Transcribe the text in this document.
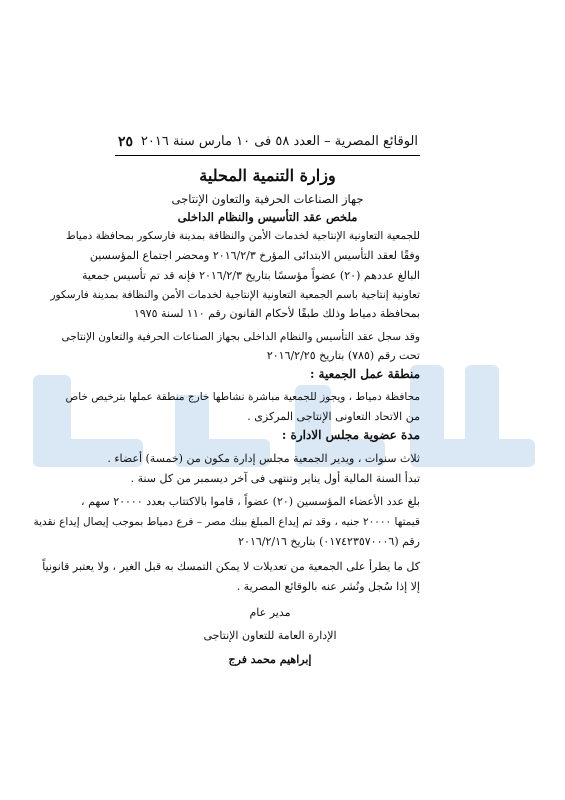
الوقائع المصرية – العدد ٥٨ فى ١٠ مارس سنة ٢٠١٦
٢٥
وزارة التنمية المحلية
جهاز الصناعات الحرفية والتعاون الإنتاجى
ملخص عقد التأسيس والنظام الداخلى
للجمعية التعاونية الإنتاجية لخدمات الأمن والنظافة بمدينة فارسكور بمحافظة دمياط
وفقًا لعقد التأسيس الابتدائى المؤرخ ٢٠١٦/٢/٣ ومحضر اجتماع المؤسسين
البالغ عددهم (٢٠) عضواً مؤسسًا بتاريخ ٢٠١٦/٢/٣ فإنه قد تم تأسيس جمعية
تعاونية إنتاجية باسم الجمعية التعاونية الإنتاجية لخدمات الأمن والنظافة بمدينة فارسكور
بمحافظة دمياط وذلك طبقًا لأحكام القانون رقم ١١٠ لسنة ١٩٧٥
وقد سجل عقد التأسيس والنظام الداخلى بجهاز الصناعات الحرفية والتعاون الإنتاجى
تحت رقم (٧٨٥) بتاريخ ٢٠١٦/٢/٢٥
منطقة عمل الجمعية :
محافظة دمياط ، ويجوز للجمعية مباشرة نشاطها خارج منطقة عملها بترخيص خاص
من الاتحاد التعاونى الإنتاجى المركزى .
مدة عضوية مجلس الادارة :
ثلاث سنوات ، ويدير الجمعية مجلس إدارة مكون من (خمسة) أعضاء .
تبدأ السنة المالية أول يناير وتنتهى فى آخر ديسمبر من كل سنة .
بلغ عدد الأعضاء المؤسسين (٢٠) عضواً ، قاموا بالاكتتاب بعدد ٢٠٠٠٠ سهم ،
قيمتها ٢٠٠٠٠ جنيه ، وقد تم إيداع المبلغ ببنك مصر – فرع دمياط بموجب إيصال إيداع نقدية
رقم (٠١٧٤٢٣٥٧٠٠٠٦) بتاريخ ٢٠١٦/٢/١٦
كل ما يطرأ على الجمعية من تعديلات لا يمكن التمسك به قبل الغير ، ولا يعتبر قانونياً
إلا إذا سُجل ونُشر عنه بالوقائع المصرية .
مدير عام
الإدارة العامة للتعاون الإنتاجى
إبراهيم محمد فرج
